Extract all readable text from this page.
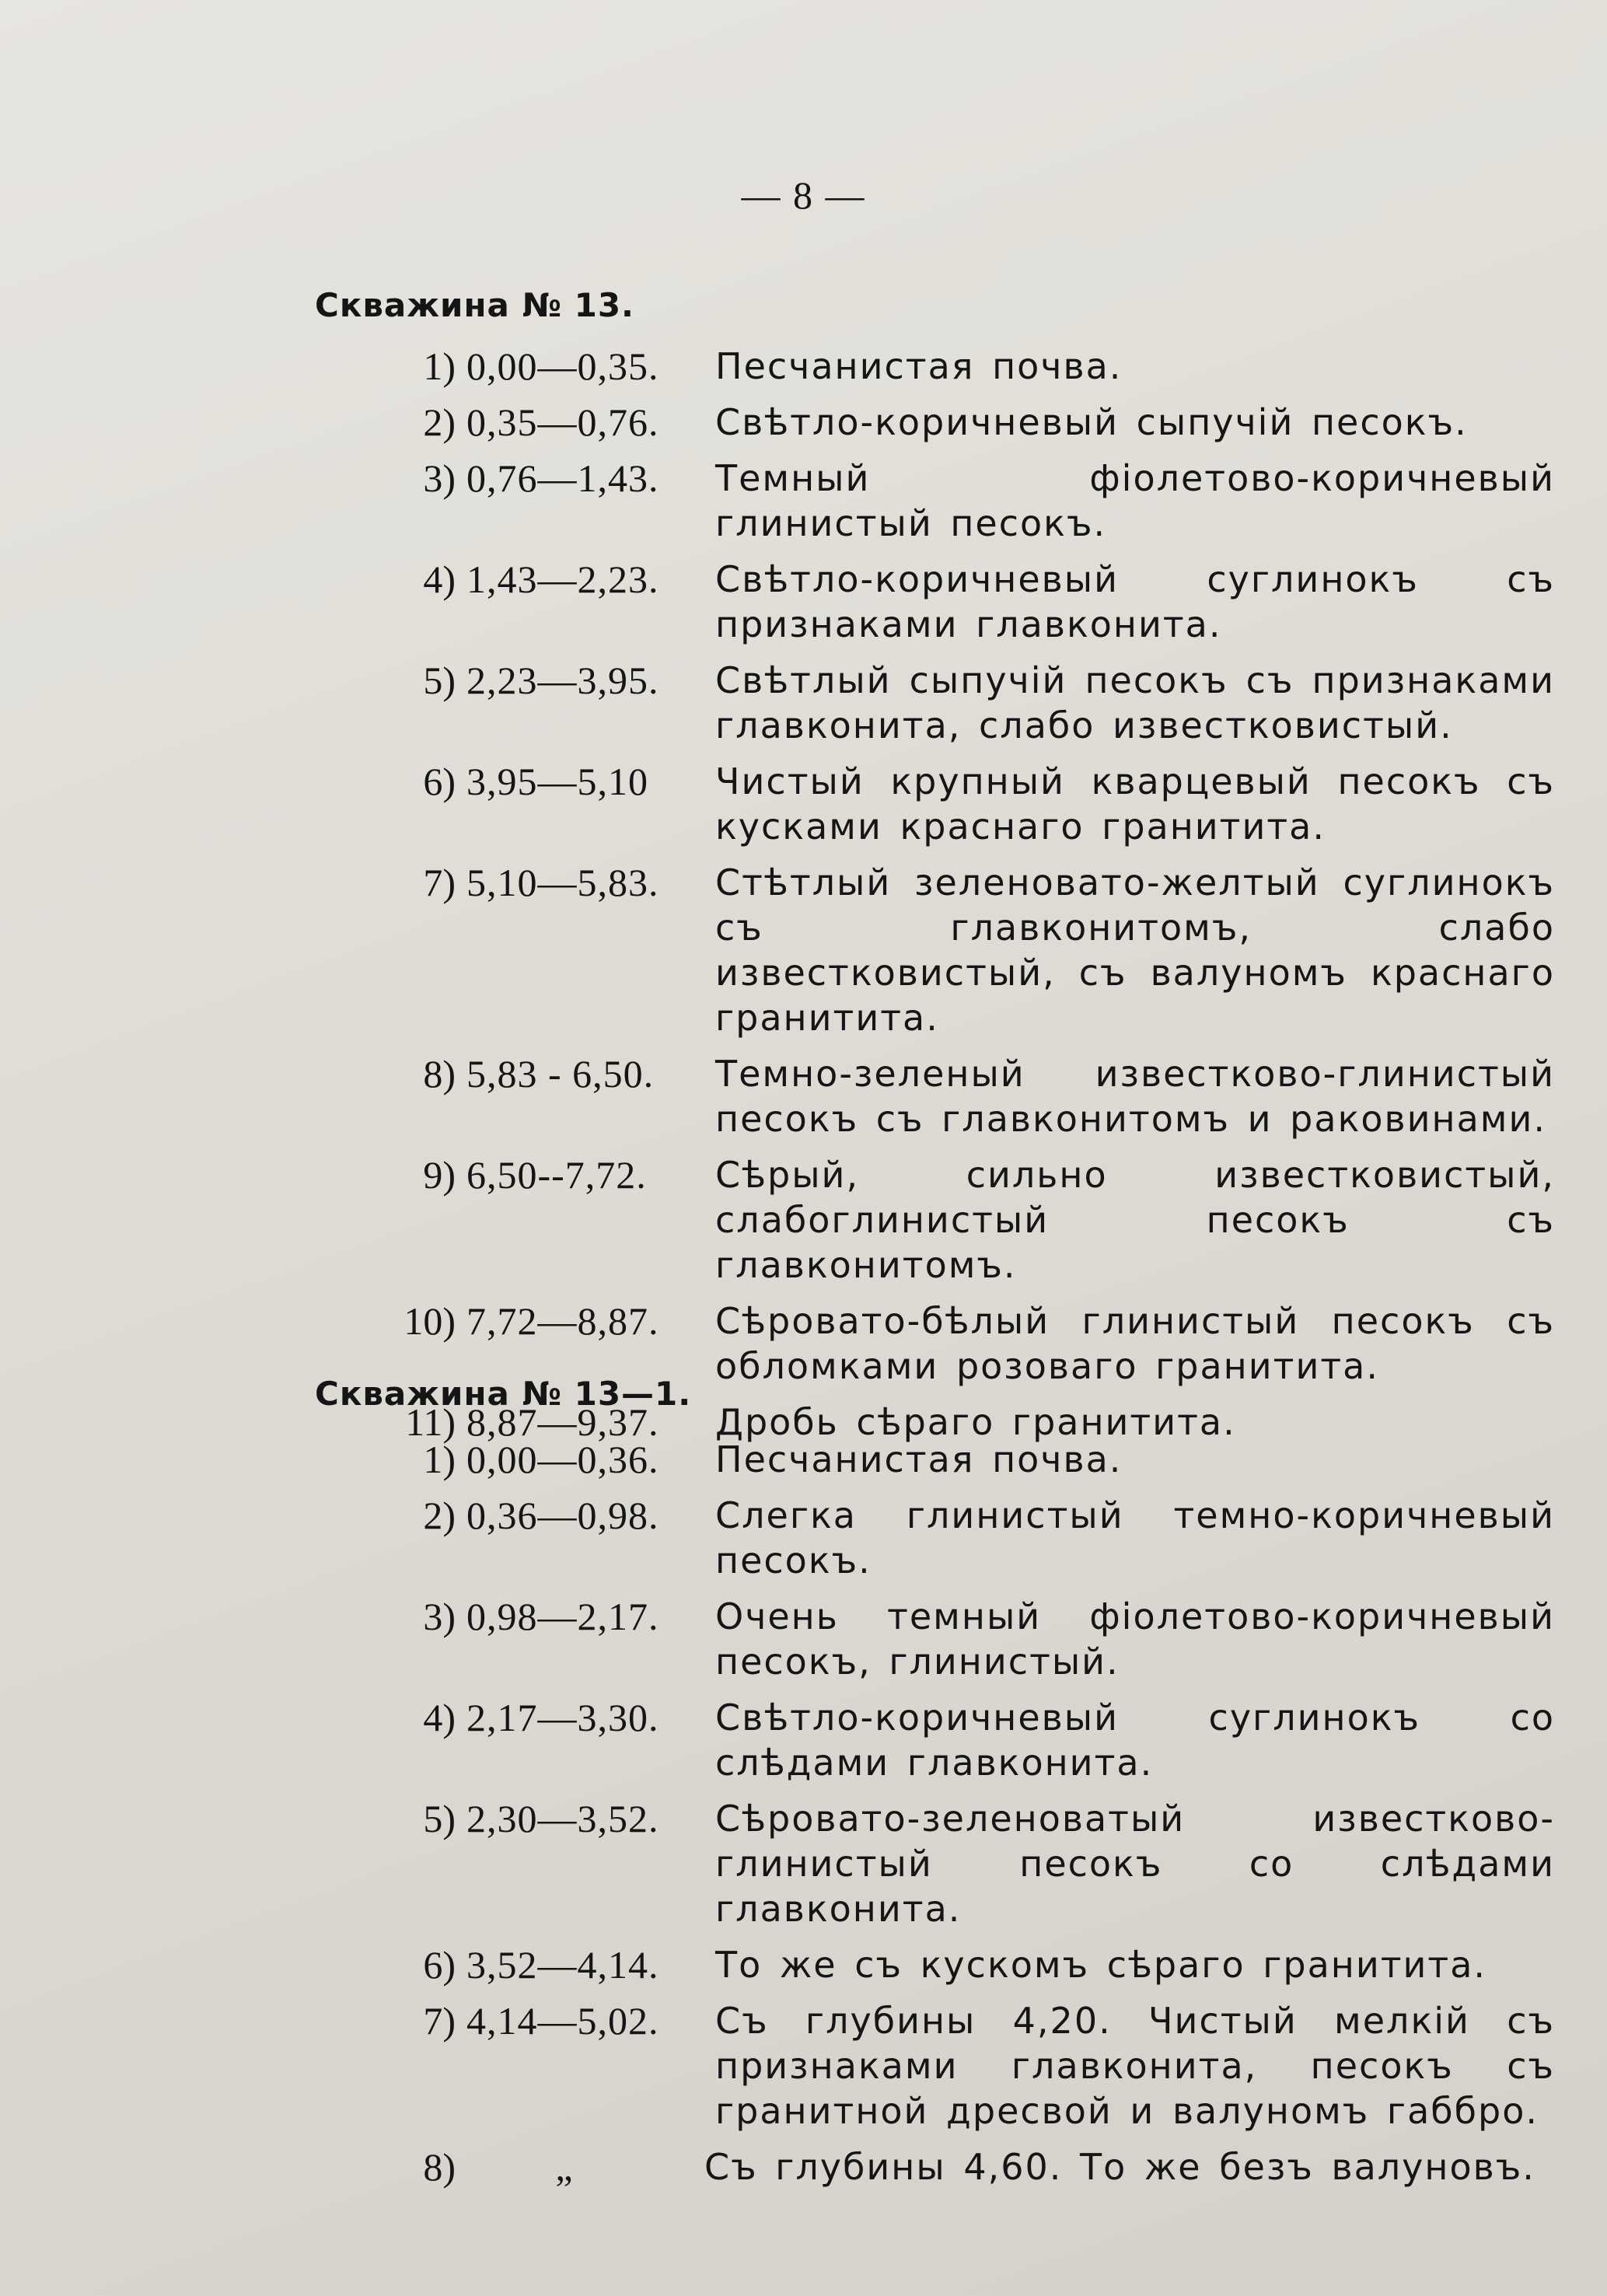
— 8 —
Скважина № 13.
1) 0,00—0,35.	Песчанистая почва.
2) 0,35—0,76.	Свѣтло-коричневый сыпучій песокъ.
3) 0,76—1,43.	Темный фіолетово-коричневый глинистый песокъ.
4) 1,43—2,23.	Свѣтло-коричневый суглинокъ съ признаками главконита.
5) 2,23—3,95.	Свѣтлый сыпучій песокъ съ признаками главконита, слабо известковистый.
6) 3,95—5,10	Чистый крупный кварцевый песокъ съ кусками краснаго гранитита.
7) 5,10—5,83.	Стѣтлый зеленовато-желтый суглинокъ съ главконитомъ, слабо известковистый, съ валуномъ краснаго гранитита.
8) 5,83 - 6,50.	Темно-зеленый известково-глинистый песокъ съ главконитомъ и раковинами.
9) 6,50--7,72.	Сѣрый, сильно известковистый, слабоглинистый песокъ съ главконитомъ.
10) 7,72—8,87.	Сѣровато-бѣлый глинистый песокъ съ обломками розоваго гранитита.
11) 8,87—9,37.	Дробь сѣраго гранитита.
Скважина № 13—1.
1) 0,00—0,36.	Песчанистая почва.
2) 0,36—0,98.	Слегка глинистый темно-коричневый песокъ.
3) 0,98—2,17.	Очень темный фіолетово-коричневый песокъ, глинистый.
4) 2,17—3,30.	Свѣтло-коричневый суглинокъ со слѣдами главконита.
5) 2,30—3,52.	Сѣровато-зеленоватый известково-глинистый песокъ со слѣдами главконита.
6) 3,52—4,14.	То же съ кускомъ сѣраго гранитита.
7) 4,14—5,02.	Съ глубины 4,20. Чистый мелкій съ признаками главконита, песокъ съ гранитной дресвой и валуномъ габбро.
8)	„	Съ глубины 4,60. То же безъ валуновъ.
